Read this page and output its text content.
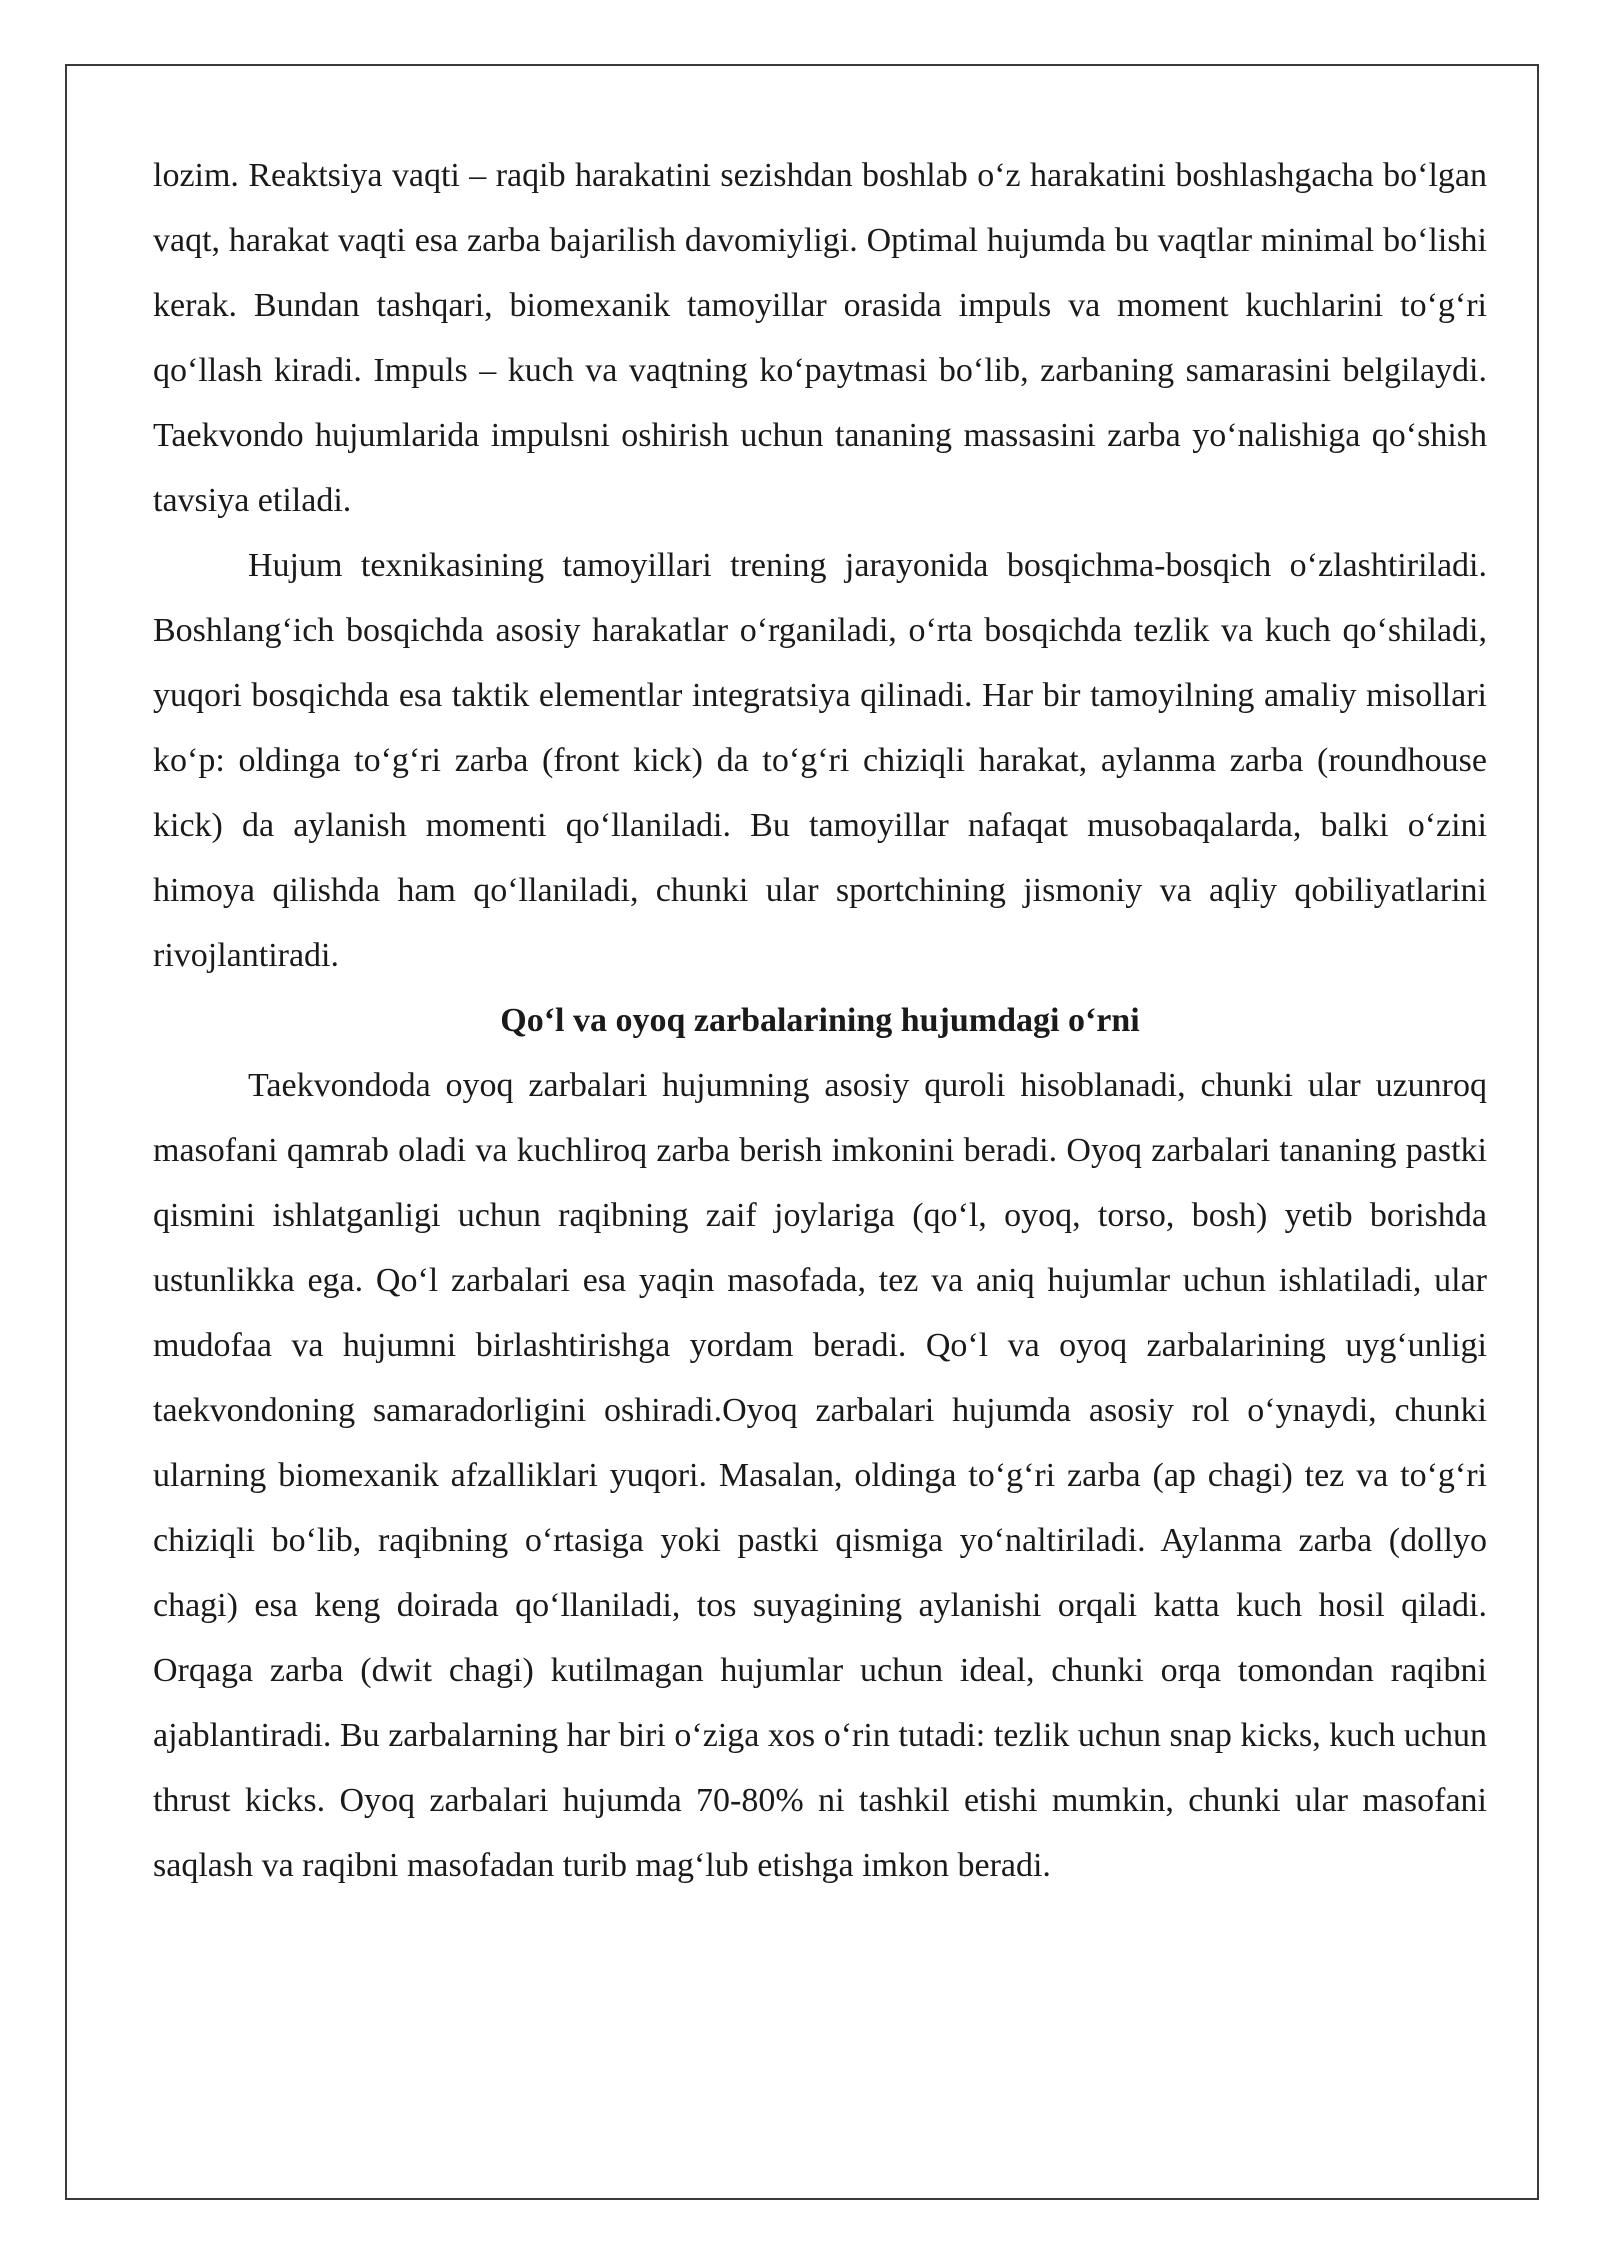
lozim. Reaktsiya vaqti – raqib harakatini sezishdan boshlab o‘z harakatini boshlashgacha bo‘lgan vaqt, harakat vaqti esa zarba bajarilish davomiyligi. Optimal hujumda bu vaqtlar minimal bo‘lishi kerak. Bundan tashqari, biomexanik tamoyillar orasida impuls va moment kuchlarini to‘g‘ri qo‘llash kiradi. Impuls – kuch va vaqtning ko‘paytmasi bo‘lib, zarbaning samarasini belgilaydi. Taekvondo hujumlarida impulsni oshirish uchun tananing massasini zarba yo‘nalishiga qo‘shish tavsiya etiladi.

Hujum texnikasining tamoyillari trening jarayonida bosqichma-bosqich o‘zlashtiriladi. Boshlang‘ich bosqichda asosiy harakatlar o‘rganiladi, o‘rta bosqichda tezlik va kuch qo‘shiladi, yuqori bosqichda esa taktik elementlar integratsiya qilinadi. Har bir tamoyilning amaliy misollari ko‘p: oldinga to‘g‘ri zarba (front kick) da to‘g‘ri chiziqli harakat, aylanma zarba (roundhouse kick) da aylanish momenti qo‘llaniladi. Bu tamoyillar nafaqat musobaqalarda, balki o‘zini himoya qilishda ham qo‘llaniladi, chunki ular sportchining jismoniy va aqliy qobiliyatlarini rivojlantiradi.

Qo‘l va oyoq zarbalarining hujumdagi o‘rni

Taekvondoda oyoq zarbalari hujumning asosiy quroli hisoblanadi, chunki ular uzunroq masofani qamrab oladi va kuchliroq zarba berish imkonini beradi. Oyoq zarbalari tananing pastki qismini ishlatganligi uchun raqibning zaif joylariga (qo‘l, oyoq, torso, bosh) yetib borishda ustunlikka ega. Qo‘l zarbalari esa yaqin masofada, tez va aniq hujumlar uchun ishlatiladi, ular mudofaa va hujumni birlashtirishga yordam beradi. Qo‘l va oyoq zarbalarining uyg‘unligi taekvondoning samaradorligini oshiradi.Oyoq zarbalari hujumda asosiy rol o‘ynaydi, chunki ularning biomexanik afzalliklari yuqori. Masalan, oldinga to‘g‘ri zarba (ap chagi) tez va to‘g‘ri chiziqli bo‘lib, raqibning o‘rtasiga yoki pastki qismiga yo‘naltiriladi. Aylanma zarba (dollyo chagi) esa keng doirada qo‘llaniladi, tos suyagining aylanishi orqali katta kuch hosil qiladi. Orqaga zarba (dwit chagi) kutilmagan hujumlar uchun ideal, chunki orqa tomondan raqibni ajablantiradi. Bu zarbalarning har biri o‘ziga xos o‘rin tutadi: tezlik uchun snap kicks, kuch uchun thrust kicks. Oyoq zarbalari hujumda 70-80% ni tashkil etishi mumkin, chunki ular masofani saqlash va raqibni masofadan turib mag‘lub etishga imkon beradi.
